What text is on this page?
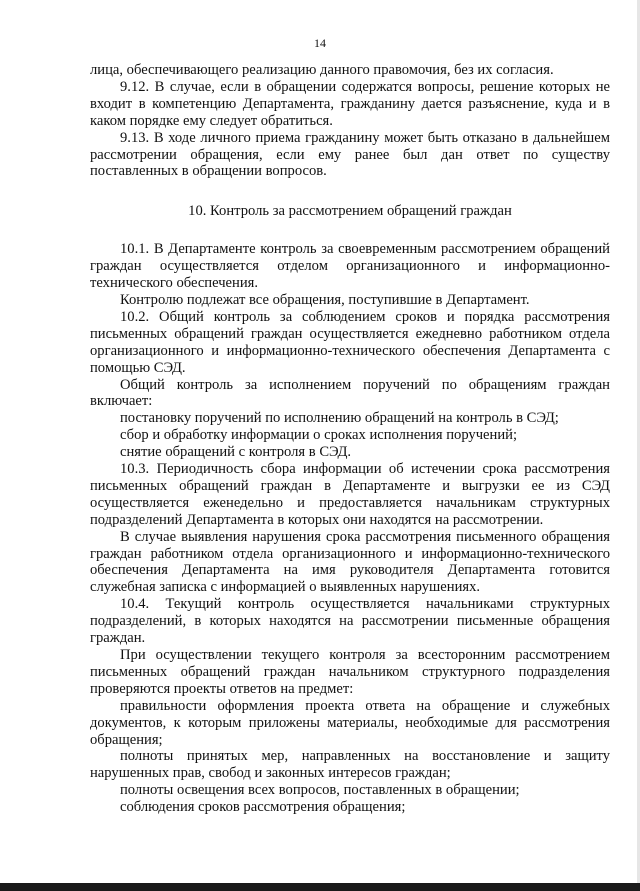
14

лица, обеспечивающего реализацию данного правомочия, без их согласия.

9.12. В случае, если в обращении содержатся вопросы, решение которых не входит в компетенцию Департамента, гражданину дается разъяснение, куда и в каком порядке ему следует обратиться.

9.13. В ходе личного приема гражданину может быть отказано в дальнейшем рассмотрении обращения, если ему ранее был дан ответ по существу поставленных в обращении вопросов.

10. Контроль за рассмотрением обращений граждан

10.1. В Департаменте контроль за своевременным рассмотрением обращений граждан осуществляется отделом организационного и информационно-технического обеспечения.

Контролю подлежат все обращения, поступившие в Департамент.

10.2. Общий контроль за соблюдением сроков и порядка рассмотрения письменных обращений граждан осуществляется ежедневно работником отдела организационного и информационно-технического обеспечения Департамента с помощью СЭД.

Общий контроль за исполнением поручений по обращениям граждан включает:

постановку поручений по исполнению обращений на контроль в СЭД;

сбор и обработку информации о сроках исполнения поручений;

снятие обращений с контроля в СЭД.

10.3. Периодичность сбора информации об истечении срока рассмотрения письменных обращений граждан в Департаменте и выгрузки ее из СЭД осуществляется еженедельно и предоставляется начальникам структурных подразделений Департамента в которых они находятся на рассмотрении.

В случае выявления нарушения срока рассмотрения письменного обращения граждан работником отдела организационного и информационно-технического обеспечения Департамента на имя руководителя Департамента готовится служебная записка с информацией о выявленных нарушениях.

10.4. Текущий контроль осуществляется начальниками структурных подразделений, в которых находятся на рассмотрении письменные обращения граждан.

При осуществлении текущего контроля за всесторонним рассмотрением письменных обращений граждан начальником структурного подразделения проверяются проекты ответов на предмет:

правильности оформления проекта ответа на обращение и служебных документов, к которым приложены материалы, необходимые для рассмотрения обращения;

полноты принятых мер, направленных на восстановление и защиту нарушенных прав, свобод и законных интересов граждан;

полноты освещения всех вопросов, поставленных в обращении;

соблюдения сроков рассмотрения обращения;
